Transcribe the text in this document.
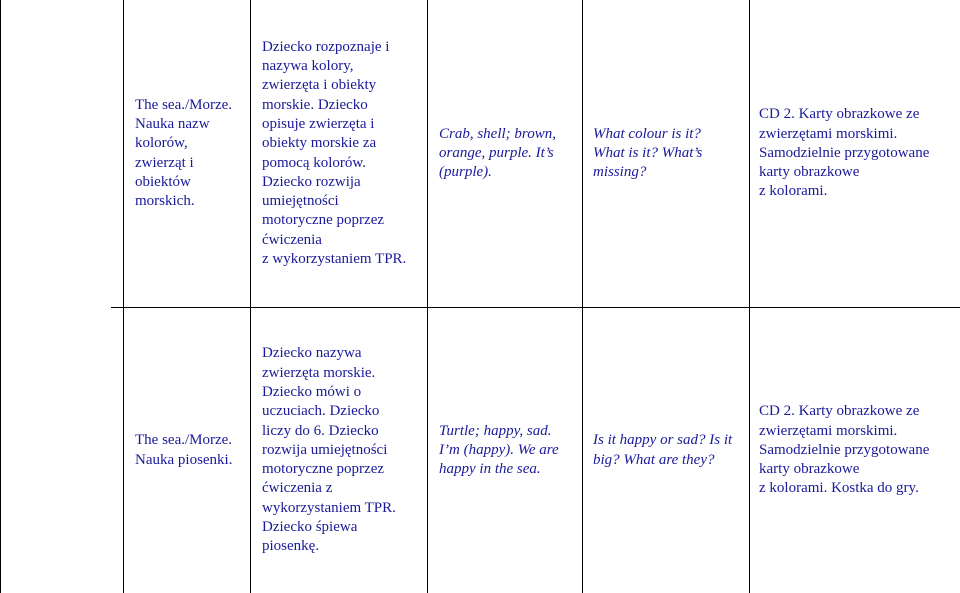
The sea./Morze.
Nauka nazw
kolorów,
zwierząt i
obiektów
morskich.
Dziecko rozpoznaje i
nazywa kolory,
zwierzęta i obiekty
morskie. Dziecko
opisuje zwierzęta i
obiekty morskie za
pomocą kolorów.
Dziecko rozwija
umiejętności
motoryczne poprzez
ćwiczenia
z wykorzystaniem TPR.
Crab, shell; brown,
orange, purple. It’s
(purple).
What colour is it?
What is it? What’s
missing?
CD 2. Karty obrazkowe ze
zwierzętami morskimi.
Samodzielnie przygotowane
karty obrazkowe
z kolorami.
The sea./Morze.
Nauka piosenki.
Dziecko nazywa
zwierzęta morskie.
Dziecko mówi o
uczuciach. Dziecko
liczy do 6. Dziecko
rozwija umiejętności
motoryczne poprzez
ćwiczenia z
wykorzystaniem TPR.
Dziecko śpiewa
piosenkę.
Turtle; happy, sad.
I’m (happy). We are
happy in the sea.
Is it happy or sad? Is it
big? What are they?
CD 2. Karty obrazkowe ze
zwierzętami morskimi.
Samodzielnie przygotowane
karty obrazkowe
z kolorami. Kostka do gry.
